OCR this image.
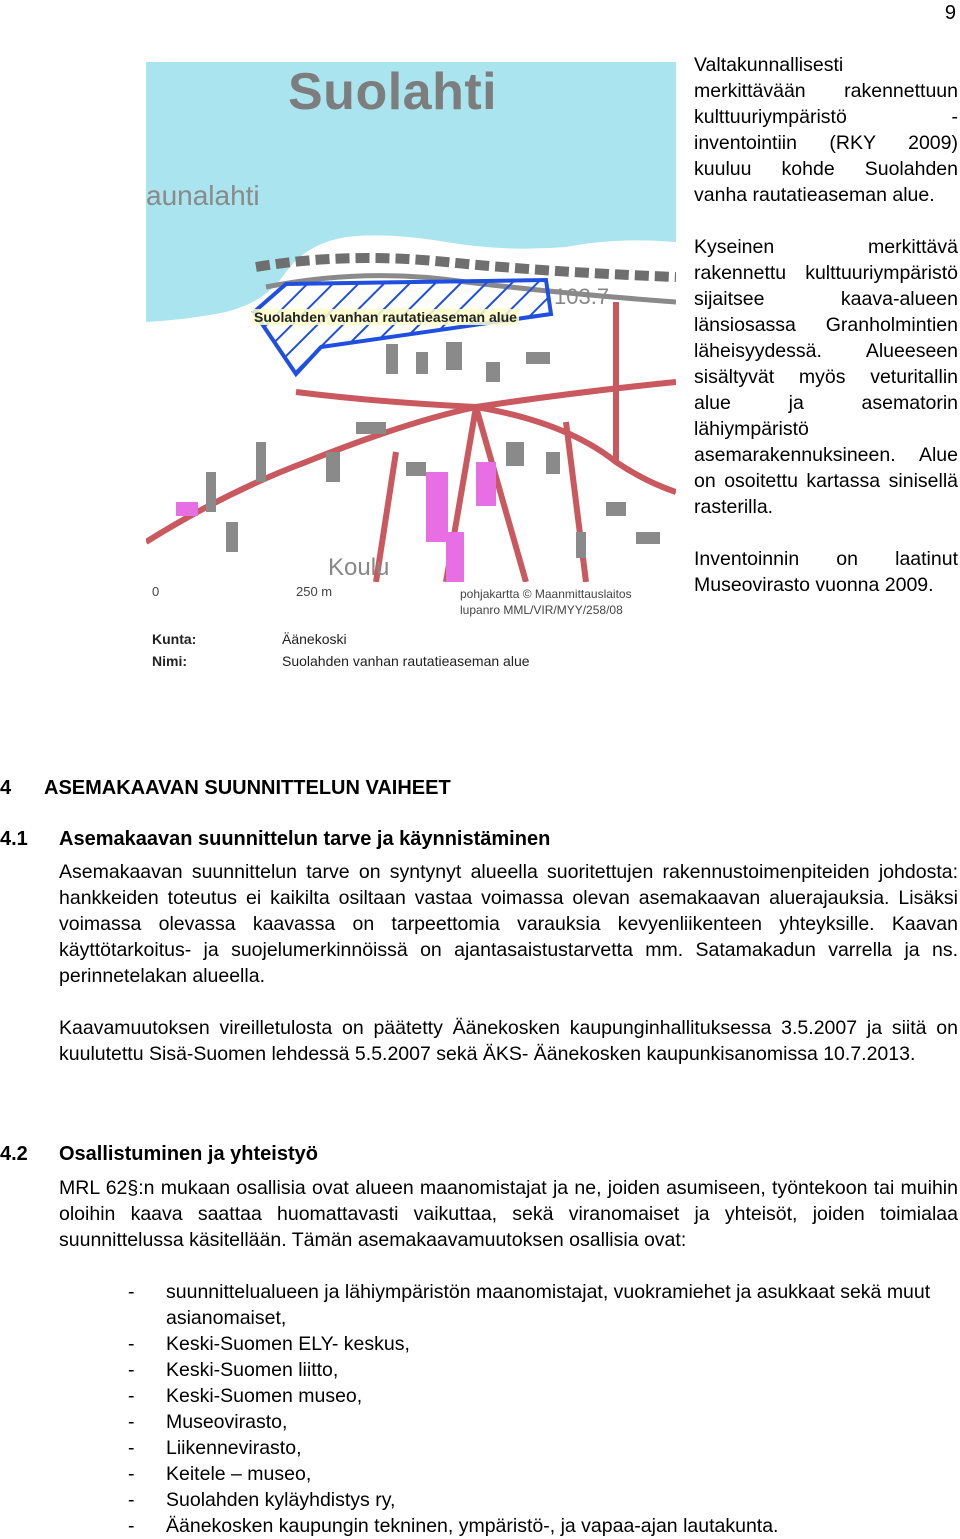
9
Suolahti
aunalahti
103.7
Suolahden vanhan rautatieaseman alue
Koulu
0	250 m	pohjakartta © Maanmittauslaitos
lupanro MML/VIR/MYY/258/08
Kunta:	Äänekoski
Nimi:	Suolahden vanhan rautatieaseman alue

Valtakunnallisesti merkittävään rakennettuun kulttuuriympäristö - inventointiin (RKY 2009) kuuluu kohde Suolahden vanha rautatieaseman alue.

Kyseinen merkittävä rakennettu kulttuuriympäristö sijaitsee kaava-alueen länsiosassa Granholmintien läheisyydessä. Alueeseen sisältyvät myös veturitallin alue ja asematorin lähiympäristö asemarakennuksineen. Alue on osoitettu kartassa sinisellä rasterilla.

Inventoinnin on laatinut Museovirasto vuonna 2009.

4 ASEMAKAAVAN SUUNNITTELUN VAIHEET
4.1 Asemakaavan suunnittelun tarve ja käynnistäminen

Asemakaavan suunnittelun tarve on syntynyt alueella suoritettujen rakennustoimenpiteiden johdosta: hankkeiden toteutus ei kaikilta osiltaan vastaa voimassa olevan asemakaavan aluerajauksia. Lisäksi voimassa olevassa kaavassa on tarpeettomia varauksia kevyenliikenteen yhteyksille. Kaavan käyttötarkoitus- ja suojelumerkinnöissä on ajantasaistustarvetta mm. Satamakadun varrella ja ns. perinnetelakan alueella.

Kaavamuutoksen vireilletulosta on päätetty Äänekosken kaupunginhallituksessa 3.5.2007 ja siitä on kuulutettu Sisä-Suomen lehdessä 5.5.2007 sekä ÄKS- Äänekosken kaupunkisanomissa 10.7.2013.

4.2 Osallistuminen ja yhteistyö

MRL 62§:n mukaan osallisia ovat alueen maanomistajat ja ne, joiden asumiseen, työntekoon tai muihin oloihin kaava saattaa huomattavasti vaikuttaa, sekä viranomaiset ja yhteisöt, joiden toimialaa suunnittelussa käsitellään. Tämän asemakaavamuutoksen osallisia ovat:

- suunnittelualueen ja lähiympäristön maanomistajat, vuokramiehet ja asukkaat sekä muut asianomaiset,
- Keski-Suomen ELY- keskus,
- Keski-Suomen liitto,
- Keski-Suomen museo,
- Museovirasto,
- Liikennevirasto,
- Keitele – museo,
- Suolahden kyläyhdistys ry,
- Äänekosken kaupungin tekninen, ympäristö-, ja vapaa-ajan lautakunta.
